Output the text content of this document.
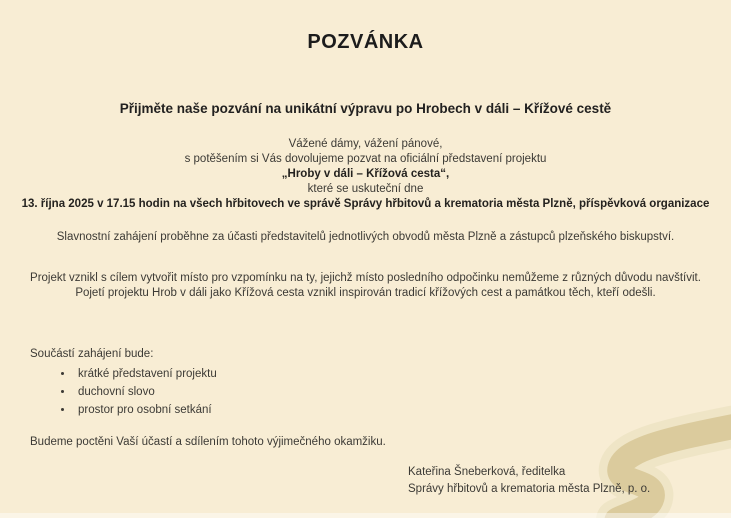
POZVÁNKA
Přijměte naše pozvání na unikátní výpravu po Hrobech v dáli – Křížové cestě
Vážené dámy, vážení pánové,
s potěšením si Vás dovolujeme pozvat na oficiální představení projektu
„Hroby v dáli – Křížová cesta“,
které se uskuteční dne
13. října 2025 v 17.15 hodin na všech hřbitovech ve správě Správy hřbitovů a krematoria města Plzně, příspěvková organizace
Slavnostní zahájení proběhne za účasti představitelů jednotlivých obvodů města Plzně a zástupců plzeňského biskupství.
Projekt vznikl s cílem vytvořit místo pro vzpomínku na ty, jejichž místo posledního odpočinku nemůžeme z různých důvodu navštívit.
Pojetí projektu Hrob v dáli jako Křížová cesta vznikl inspirován tradicí křížových cest a památkou těch, kteří odešli.
Součástí zahájení bude:
• krátké představení projektu
• duchovní slovo
• prostor pro osobní setkání
Budeme poctěni Vaší účastí a sdílením tohoto výjimečného okamžiku.
Kateřina Šneberková, ředitelka
Správy hřbitovů a krematoria města Plzně, p. o.
